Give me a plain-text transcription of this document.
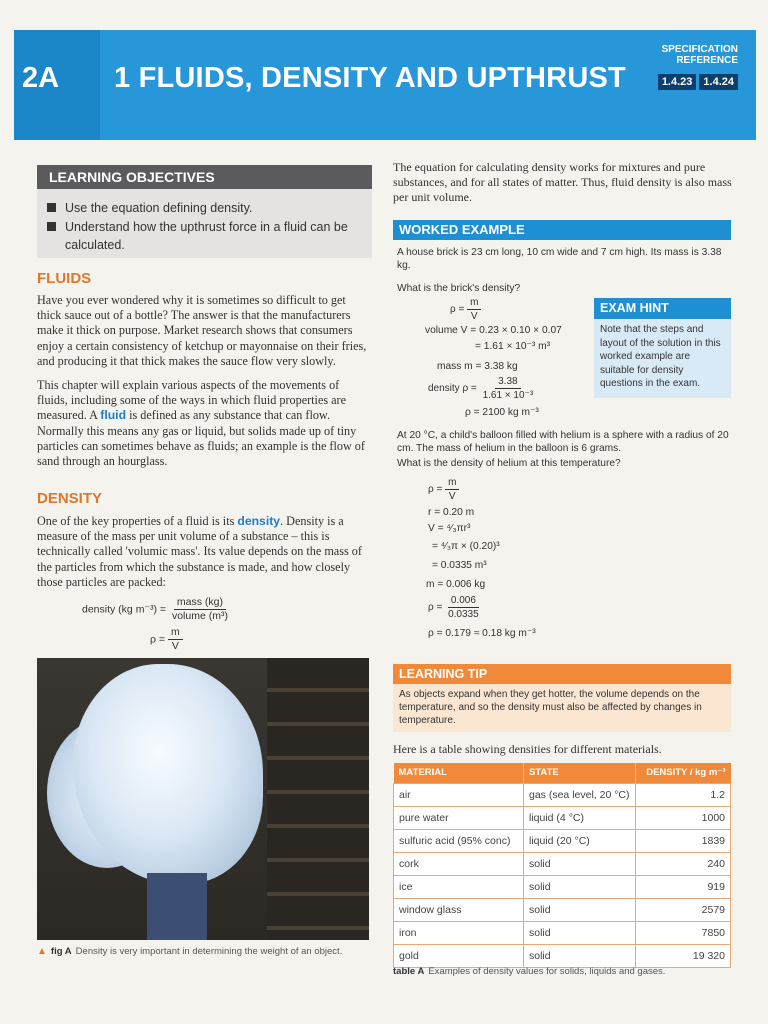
2A	1 FLUIDS, DENSITY AND UPTHRUST
SPECIFICATION
REFERENCE
1.4.23	1.4.24
LEARNING OBJECTIVES
Use the equation defining density.
Understand how the upthrust force in a fluid can be calculated.
FLUIDS

Have you ever wondered why it is sometimes so difficult to get thick sauce out of a bottle? The answer is that the manufacturers make it thick on purpose. Market research shows that consumers enjoy a certain consistency of ketchup or mayonnaise on their fries, and producing it that thick makes the sauce flow very slowly.

This chapter will explain various aspects of the movements of fluids, including some of the ways in which fluid properties are measured. A fluid is defined as any substance that can flow. Normally this means any gas or liquid, but solids made up of tiny particles can sometimes behave as fluids; an example is the flow of sand through an hourglass.

DENSITY

One of the key properties of a fluid is its density. Density is a measure of the mass per unit volume of a substance – this is technically called 'volumic mass'. Its value depends on the mass of the particles from which the substance is made, and how closely those particles are packed:

density (kg $m^{-3}) = \frac{\text{mass (kg)}}{\text{volume (m³)}}$
$\rho = \frac{m}{V}$
▲ fig A Density is very important in determining the weight of an object.

The equation for calculating density works for mixtures and pure substances, and for all states of matter. Thus, fluid density is also mass per unit volume.

WORKED EXAMPLE

A house brick is 23 cm long, 10 cm wide and 7 cm high. Its mass is 3.38 kg.

What is the brick's density?

$\rho = \frac{m}{V}$
volume V = 0.23 × 0.10 × 0.07
= 1.61 × 10⁻³ m³
mass m = 3.38 kg
density $\rho = \frac{3.38}{\text{1.61 × 10⁻³}}$
ρ = 2100 kg m⁻³
EXAM HINT
Note that the steps and layout of the solution in this worked example are suitable for density questions in the exam.

At 20 °C, a child's balloon filled with helium is a sphere with a radius of 20 cm. The mass of helium in the balloon is 6 grams.

What is the density of helium at this temperature?

$\rho = \frac{m}{V}$
r = 0.20 m
V = ⁴⁄₃πr³
= ⁴⁄₃π × (0.20)³
= 0.0335 m³
m = 0.006 kg
$\rho = \frac{0.006}{0.0335}$
ρ = 0.179 ≈ 0.18 kg m⁻³
LEARNING TIP
As objects expand when they get hotter, the volume depends on the temperature, and so the density must also be affected by changes in temperature.

Here is a table showing densities for different materials.

MATERIAL	STATE	DENSITY / kg m⁻³
air	gas (sea level, 20 °C)	1.2
pure water	liquid (4 °C)	1000
sulfuric acid (95% conc)	liquid (20 °C)	1839
cork	solid	240
ice	solid	919
window glass	solid	2579
iron	solid	7850
gold	solid	19 320
table A Examples of density values for solids, liquids and gases.
